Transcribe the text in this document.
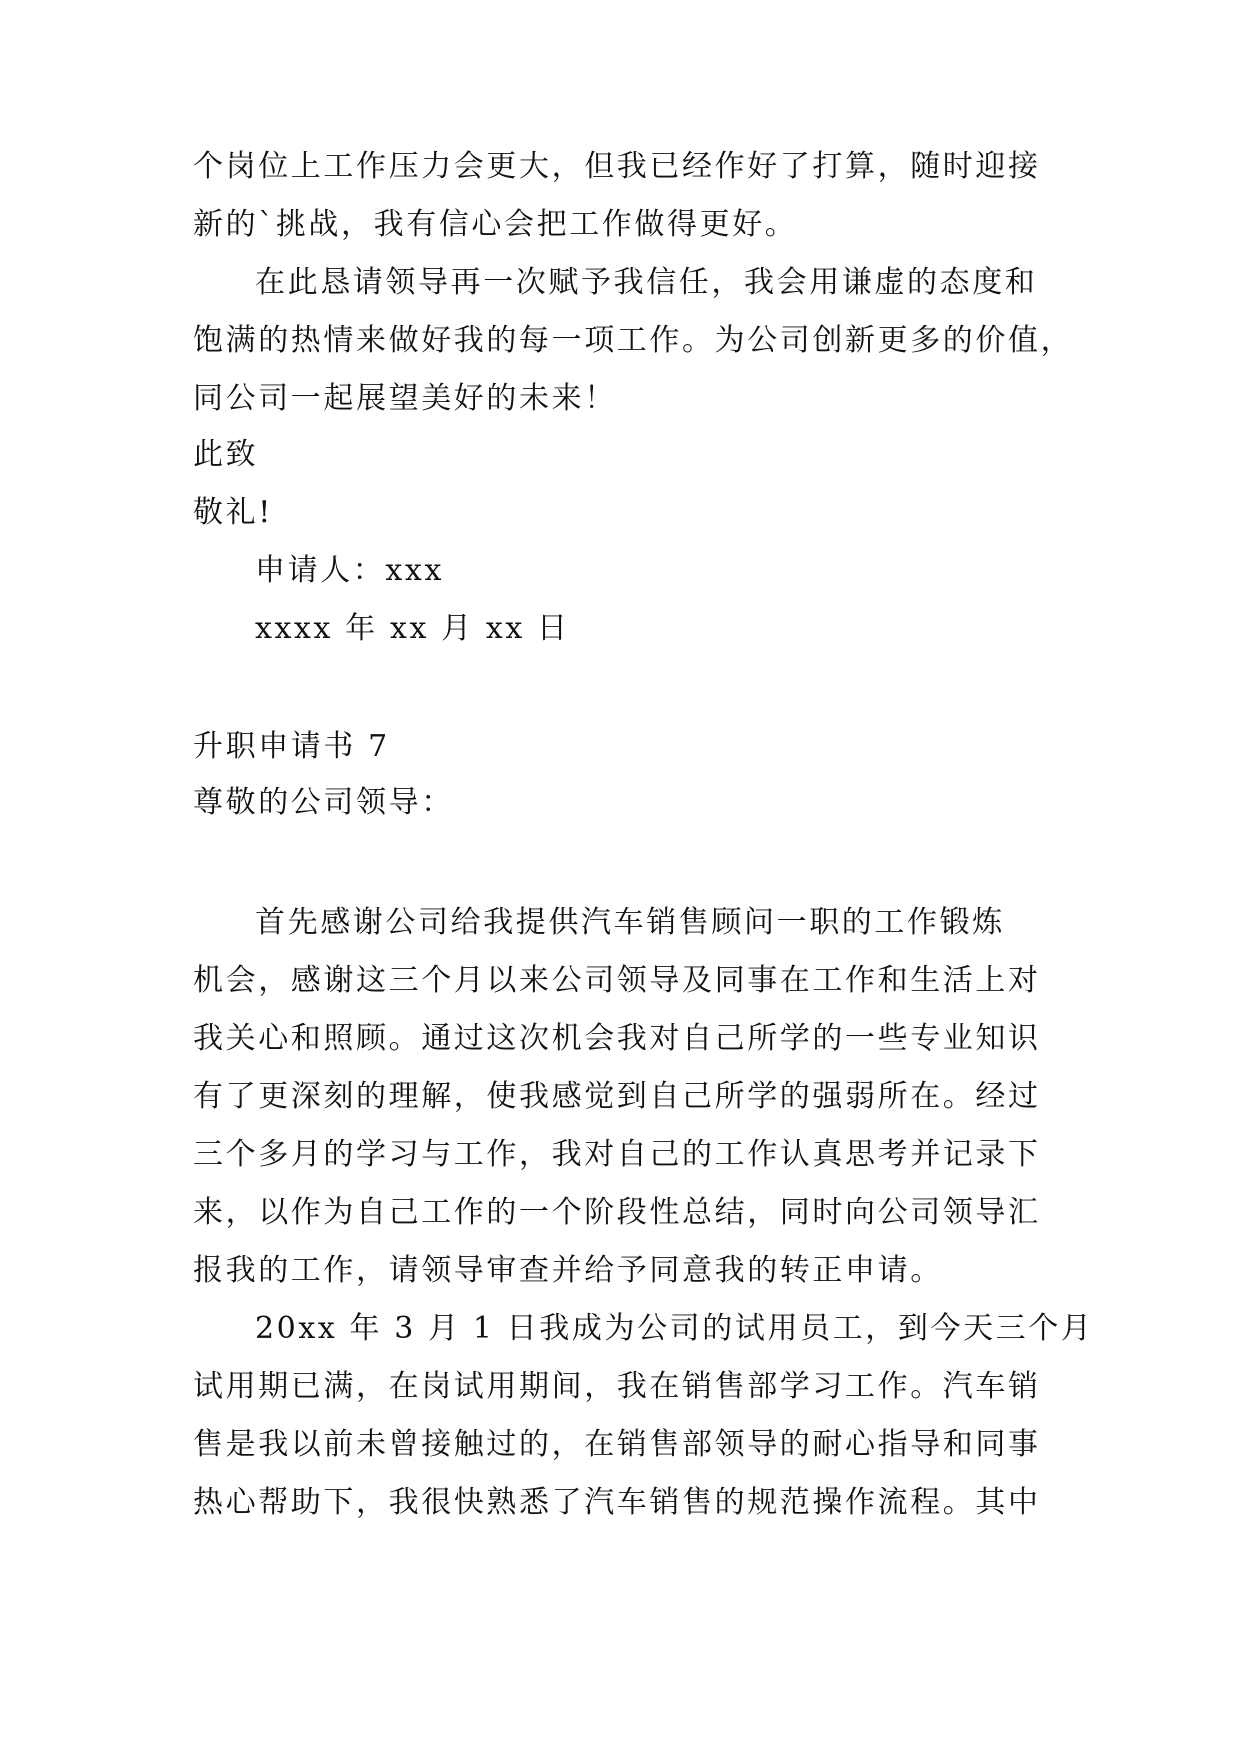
个岗位上工作压力会更大，但我已经作好了打算，随时迎接

新的`挑战，我有信心会把工作做得更好。

在此恳请领导再一次赋予我信任，我会用谦虚的态度和

饱满的热情来做好我的每一项工作。为公司创新更多的价值，

同公司一起展望美好的未来！

此致

敬礼!

申请人：xxx

xxxx 年 xx 月 xx 日

升职申请书 7

尊敬的公司领导：

首先感谢公司给我提供汽车销售顾问一职的工作锻炼

机会，感谢这三个月以来公司领导及同事在工作和生活上对

我关心和照顾。通过这次机会我对自己所学的一些专业知识

有了更深刻的理解，使我感觉到自己所学的强弱所在。经过

三个多月的学习与工作，我对自己的工作认真思考并记录下

来，以作为自己工作的一个阶段性总结，同时向公司领导汇

报我的工作，请领导审查并给予同意我的转正申请。

20xx 年 3 月 1 日我成为公司的试用员工，到今天三个月

试用期已满，在岗试用期间，我在销售部学习工作。汽车销

售是我以前未曾接触过的，在销售部领导的耐心指导和同事

热心帮助下，我很快熟悉了汽车销售的规范操作流程。其中
